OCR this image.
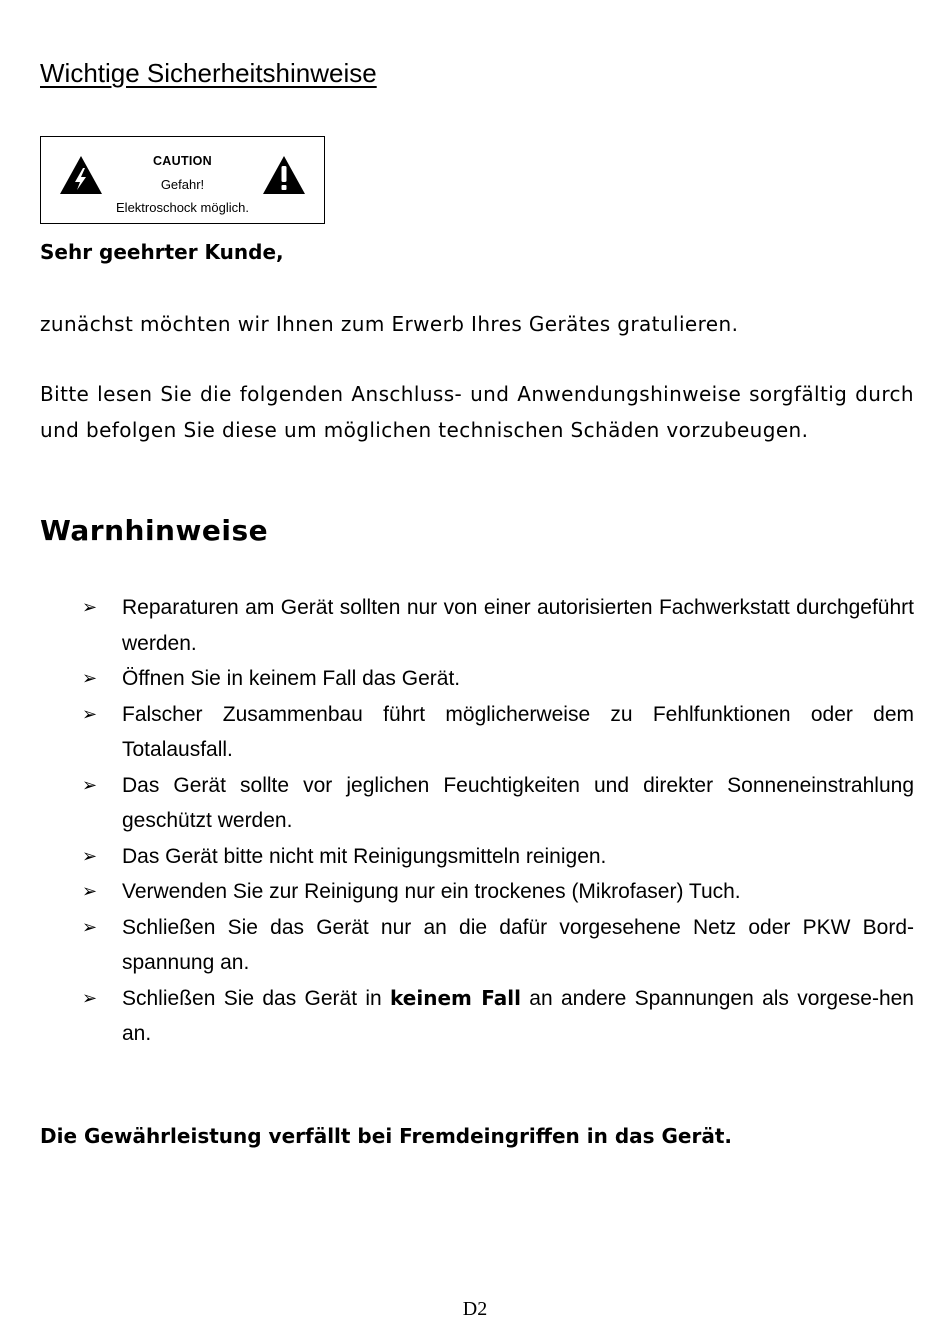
Wichtige Sicherheitshinweise
CAUTION
Gefahr!
Elektroschock möglich.

Sehr geehrter Kunde,

zunächst möchten wir Ihnen zum Erwerb Ihres Gerätes gratulieren.

Bitte lesen Sie die folgenden Anschluss- und Anwendungshinweise sorgfältig durch und befolgen Sie diese um möglichen technischen Schäden vorzubeugen.

Warnhinweise
➢ Reparaturen am Gerät sollten nur von einer autorisierten Fachwerkstatt durchgeführt werden.
➢ Öffnen Sie in keinem Fall das Gerät.
➢ Falscher Zusammenbau führt möglicherweise zu Fehlfunktionen oder dem Totalausfall.
➢ Das Gerät sollte vor jeglichen Feuchtigkeiten und direkter Sonneneinstrahlung geschützt werden.
➢ Das Gerät bitte nicht mit Reinigungsmitteln reinigen.
➢ Verwenden Sie zur Reinigung nur ein trockenes (Mikrofaser) Tuch.
➢ Schließen Sie das Gerät nur an die dafür vorgesehene Netz oder PKW Bord-spannung an.
➢ Schließen Sie das Gerät in keinem Fall an andere Spannungen als vorgese-hen an.

Die Gewährleistung verfällt bei Fremdeingriffen in das Gerät.

D2
